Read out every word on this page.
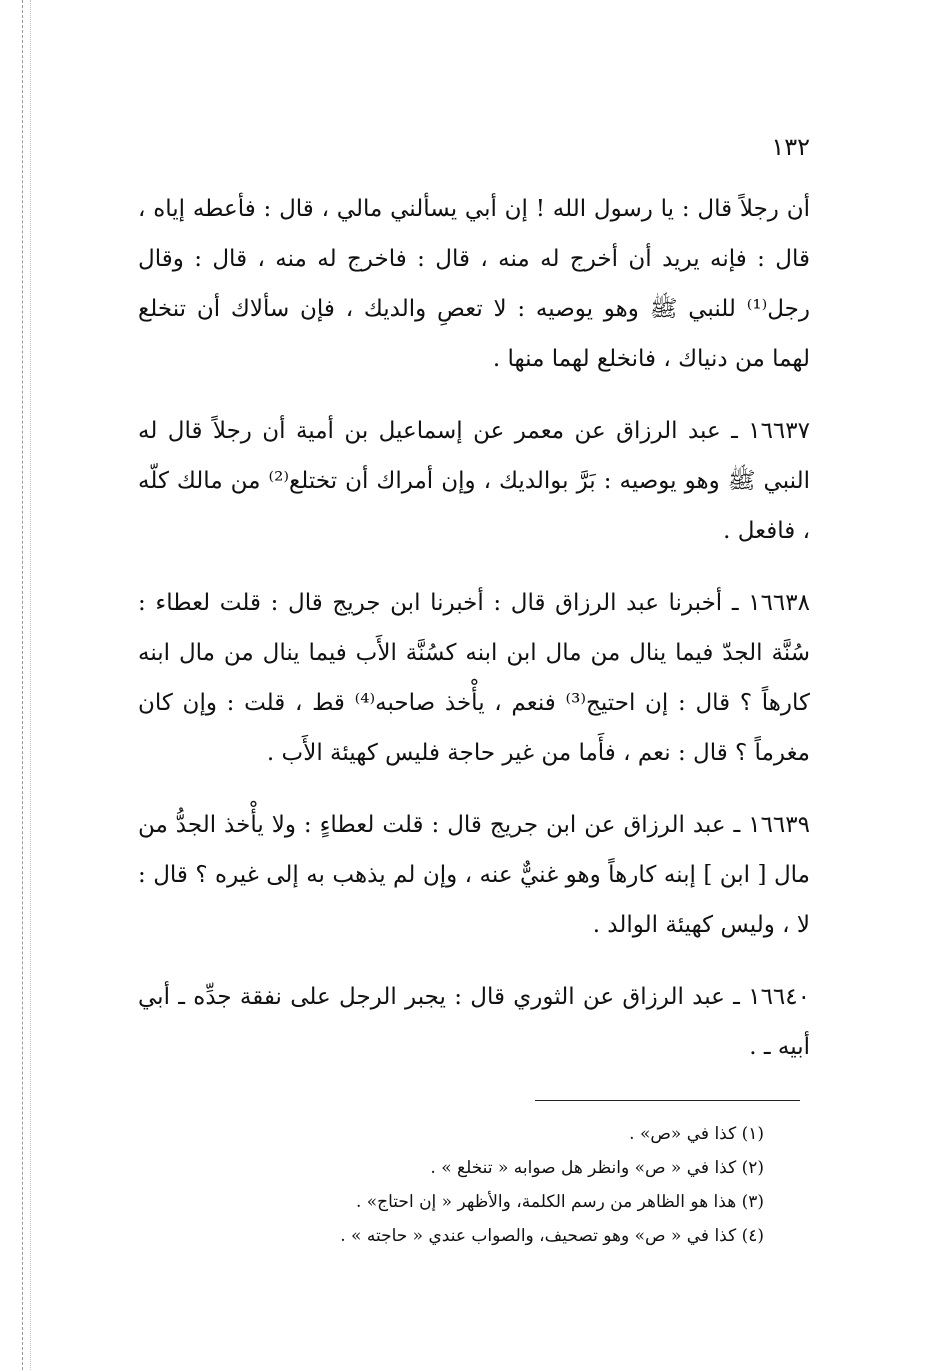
١٣٢

أن رجلاً قال : يا رسول الله ! إن أبي يسألني مالي ، قال : فأعطه إياه ، قال : فإنه يريد أن أخرج له منه ، قال : فاخرج له منه ، قال : وقال رجل⁽¹⁾ للنبي ﷺ وهو يوصيه : لا تعصِ والديك ، فإن سألاك أن تنخلع لهما من دنياك ، فانخلع لهما منها .

١٦٦٣٧ ـ عبد الرزاق عن معمر عن إسماعيل بن أمية أن رجلاً قال له النبي ﷺ وهو يوصيه : بَرَّ بوالديك ، وإن أمراك أن تختلع⁽²⁾ من مالك كلّه ، فافعل .

١٦٦٣٨ ـ أخبرنا عبد الرزاق قال : أخبرنا ابن جريج قال : قلت لعطاء : سُنَّة الجدّ فيما ينال من مال ابن ابنه كسُنَّة الأَب فيما ينال من مال ابنه كارهاً ؟ قال : إن احتيج⁽³⁾ فنعم ، يأْخذ صاحبه⁽⁴⁾ قط ، قلت : وإن كان مغرماً ؟ قال : نعم ، فأَما من غير حاجة فليس كهيئة الأَب .

١٦٦٣٩ ـ عبد الرزاق عن ابن جريج قال : قلت لعطاءٍ : ولا يأْخذ الجدُّ من مال [ ابن ] إبنه كارهاً وهو غنيٌّ عنه ، وإن لم يذهب به إلى غيره ؟ قال : لا ، وليس كهيئة الوالد .

١٦٦٤٠ ـ عبد الرزاق عن الثوري قال : يجبر الرجل على نفقة جدِّه ـ أبي أبيه ـ .

(١) كذا في «ص» .
(٢) كذا في « ص» وانظر هل صوابه « تنخلع » .
(٣) هذا هو الظاهر من رسم الكلمة، والأظهر « إن احتاج» .
(٤) كذا في « ص» وهو تصحيف، والصواب عندي « حاجته » .
